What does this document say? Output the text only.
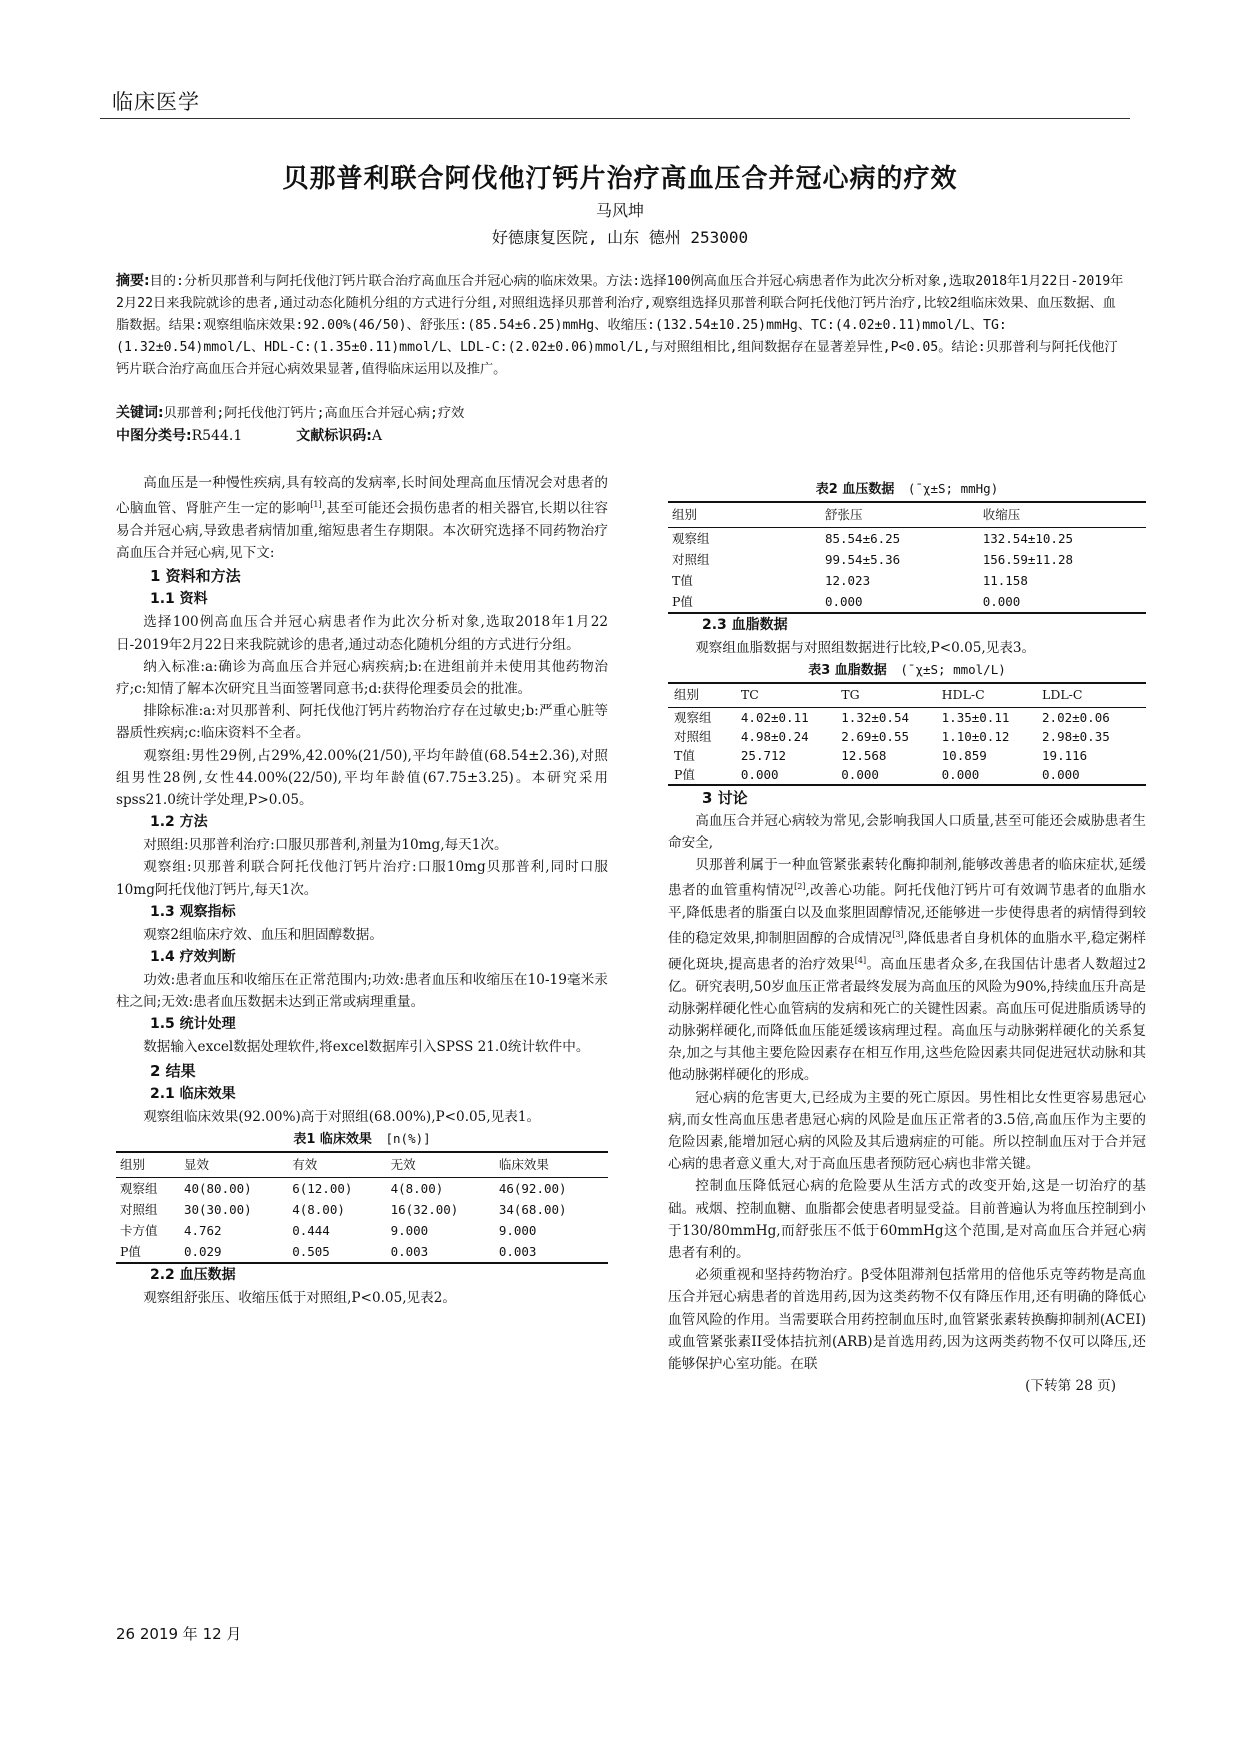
临床医学
贝那普利联合阿伐他汀钙片治疗高血压合并冠心病的疗效
马风坤
好德康复医院, 山东 德州 253000
摘要:目的:分析贝那普利与阿托伐他汀钙片联合治疗高血压合并冠心病的临床效果。方法:选择100例高血压合并冠心病患者作为此次分析对象,选取2018年1月22日-2019年2月22日来我院就诊的患者,通过动态化随机分组的方式进行分组,对照组选择贝那普利治疗,观察组选择贝那普利联合阿托伐他汀钙片治疗,比较2组临床效果、血压数据、血脂数据。结果:观察组临床效果:92.00%(46/50)、舒张压:(85.54±6.25)mmHg、收缩压:(132.54±10.25)mmHg、TC:(4.02±0.11)mmol/L、TG:(1.32±0.54)mmol/L、HDL-C:(1.35±0.11)mmol/L、LDL-C:(2.02±0.06)mmol/L,与对照组相比,组间数据存在显著差异性,P<0.05。结论:贝那普利与阿托伐他汀钙片联合治疗高血压合并冠心病效果显著,值得临床运用以及推广。
关键词:贝那普利;阿托伐他汀钙片;高血压合并冠心病;疗效
中图分类号:R544.1	文献标识码:A

高血压是一种慢性疾病,具有较高的发病率,长时间处理高血压情况会对患者的心脑血管、肾脏产生一定的影响[1],甚至可能还会损伤患者的相关器官,长期以往容易合并冠心病,导致患者病情加重,缩短患者生存期限。本次研究选择不同药物治疗高血压合并冠心病,见下文:

1 资料和方法
1.1 资料

选择100例高血压合并冠心病患者作为此次分析对象,选取2018年1月22日-2019年2月22日来我院就诊的患者,通过动态化随机分组的方式进行分组。

纳入标准:a:确诊为高血压合并冠心病疾病;b:在进组前并未使用其他药物治疗;c:知情了解本次研究且当面签署同意书;d:获得伦理委员会的批准。

排除标准:a:对贝那普利、阿托伐他汀钙片药物治疗存在过敏史;b:严重心脏等器质性疾病;c:临床资料不全者。

观察组:男性29例,占29%,42.00%(21/50),平均年龄值(68.54±2.36),对照组男性28例,女性44.00%(22/50),平均年龄值(67.75±3.25)。本研究采用spss21.0统计学处理,P>0.05。

1.2 方法

对照组:贝那普利治疗:口服贝那普利,剂量为10mg,每天1次。

观察组:贝那普利联合阿托伐他汀钙片治疗:口服10mg贝那普利,同时口服10mg阿托伐他汀钙片,每天1次。

1.3 观察指标

观察2组临床疗效、血压和胆固醇数据。

1.4 疗效判断

功效:患者血压和收缩压在正常范围内;功效:患者血压和收缩压在10-19毫米汞柱之间;无效:患者血压数据未达到正常或病理重量。

1.5 统计处理

数据输入excel数据处理软件,将excel数据库引入SPSS 21.0统计软件中。

2 结果
2.1 临床效果

观察组临床效果(92.00%)高于对照组(68.00%),P<0.05,见表1。

表1 临床效果 [n(%)]
组别	显效	有效	无效	临床效果
观察组	40(80.00)	6(12.00)	4(8.00)	46(92.00)
对照组	30(30.00)	4(8.00)	16(32.00)	34(68.00)
卡方值	4.762	0.444	9.000	9.000
P值	0.029	0.505	0.003	0.003
2.2 血压数据

观察组舒张压、收缩压低于对照组,P<0.05,见表2。

表2 血压数据 (¯χ±S; mmHg)
组别	舒张压	收缩压
观察组	85.54±6.25	132.54±10.25
对照组	99.54±5.36	156.59±11.28
T值	12.023	11.158
P值	0.000	0.000
2.3 血脂数据

观察组血脂数据与对照组数据进行比较,P<0.05,见表3。

表3 血脂数据 (¯χ±S; mmol/L)
组别	TC	TG	HDL-C	LDL-C
观察组	4.02±0.11	1.32±0.54	1.35±0.11	2.02±0.06
对照组	4.98±0.24	2.69±0.55	1.10±0.12	2.98±0.35
T值	25.712	12.568	10.859	19.116
P值	0.000	0.000	0.000	0.000
3 讨论

高血压合并冠心病较为常见,会影响我国人口质量,甚至可能还会威胁患者生命安全,

贝那普利属于一种血管紧张素转化酶抑制剂,能够改善患者的临床症状,延缓患者的血管重构情况[2],改善心功能。阿托伐他汀钙片可有效调节患者的血脂水平,降低患者的脂蛋白以及血浆胆固醇情况,还能够进一步使得患者的病情得到较佳的稳定效果,抑制胆固醇的合成情况[3],降低患者自身机体的血脂水平,稳定粥样硬化斑块,提高患者的治疗效果[4]。高血压患者众多,在我国估计患者人数超过2亿。研究表明,50岁血压正常者最终发展为高血压的风险为90%,持续血压升高是动脉粥样硬化性心血管病的发病和死亡的关键性因素。高血压可促进脂质诱导的动脉粥样硬化,而降低血压能延缓该病理过程。高血压与动脉粥样硬化的关系复杂,加之与其他主要危险因素存在相互作用,这些危险因素共同促进冠状动脉和其他动脉粥样硬化的形成。

冠心病的危害更大,已经成为主要的死亡原因。男性相比女性更容易患冠心病,而女性高血压患者患冠心病的风险是血压正常者的3.5倍,高血压作为主要的危险因素,能增加冠心病的风险及其后遗病症的可能。所以控制血压对于合并冠心病的患者意义重大,对于高血压患者预防冠心病也非常关键。

控制血压降低冠心病的危险要从生活方式的改变开始,这是一切治疗的基础。戒烟、控制血糖、血脂都会使患者明显受益。目前普遍认为将血压控制到小于130/80mmHg,而舒张压不低于60mmHg这个范围,是对高血压合并冠心病患者有利的。

必须重视和坚持药物治疗。β受体阻滞剂包括常用的倍他乐克等药物是高血压合并冠心病患者的首选用药,因为这类药物不仅有降压作用,还有明确的降低心血管风险的作用。当需要联合用药控制血压时,血管紧张素转换酶抑制剂(ACEI)或血管紧张素II受体拮抗剂(ARB)是首选用药,因为这两类药物不仅可以降压,还能够保护心室功能。在联

(下转第 28 页)
26 2019 年 12 月
